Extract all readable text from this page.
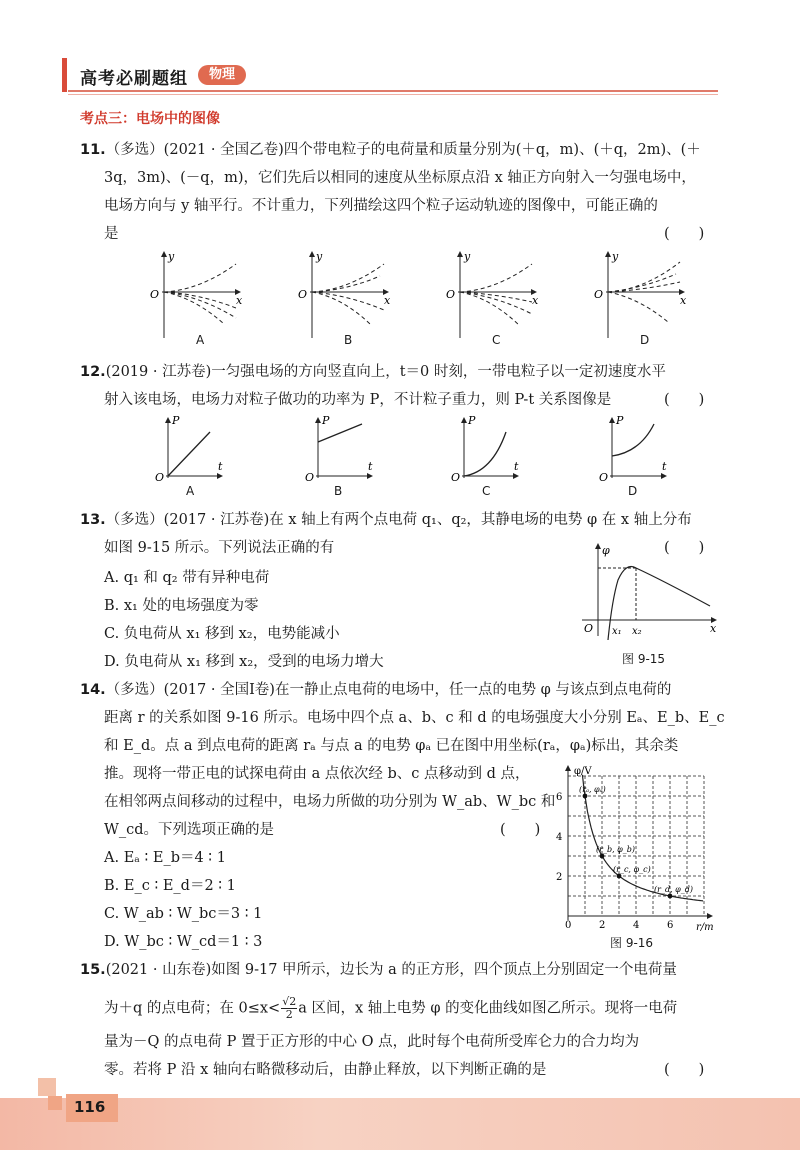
高考必刷题组	物理
考点三：电场中的图像
11.（多选）(2021 · 全国乙卷)四个带电粒子的电荷量和质量分别为(＋q，m)、(＋q，2m)、(＋
3q，3m)、(－q，m)，它们先后以相同的速度从坐标原点沿 x 轴正方向射入一匀强电场中，
电场方向与 y 轴平行。不计重力，下列描绘这四个粒子运动轨迹的图像中，可能正确的
是	(　　)
y
x
O
y
x
O
y
x
O
y
x
O
A	B	C	D
12.(2019 · 江苏卷)一匀强电场的方向竖直向上，t＝0 时刻，一带电粒子以一定初速度水平
射入该电场，电场力对粒子做功的功率为 P，不计粒子重力，则 P-t 关系图像是	(　　)
P
t
O
P
t
O
P
t
O
P
t
O
A	B	C	D
13.（多选）(2017 · 江苏卷)在 x 轴上有两个点电荷 q₁、q₂，其静电场的电势 φ 在 x 轴上分布
如图 9-15 所示。下列说法正确的有	(　　)
A. q₁ 和 q₂ 带有异种电荷
B. x₁ 处的电场强度为零
C. 负电荷从 x₁ 移到 x₂，电势能减小
D. 负电荷从 x₁ 移到 x₂，受到的电场力增大
φ
x
O x₁ x₂
图 9-15
14.（多选）(2017 · 全国Ⅰ卷)在一静止点电荷的电场中，任一点的电势 φ 与该点到点电荷的
距离 r 的关系如图 9-16 所示。电场中四个点 a、b、c 和 d 的电场强度大小分别 Eₐ、E_b、E_c
和 E_d。点 a 到点电荷的距离 rₐ 与点 a 的电势 φₐ 已在图中用坐标(rₐ，φₐ)标出，其余类
推。现将一带正电的试探电荷由 a 点依次经 b、c 点移动到 d 点，
在相邻两点间移动的过程中，电场力所做的功分别为 W_ab、W_bc 和
W_cd。下列选项正确的是	(　　)
A. Eₐ ∶ E_b＝4 ∶ 1
B. E_c ∶ E_d＝2 ∶ 1
C. W_ab ∶ W_bc＝3 ∶ 1
D. W_bc ∶ W_cd＝1 ∶ 3
φ/V
r/m
0	2	4	6
2
4
6
(rₐ, φₐ)
(r_b, φ_b)
(r_c, φ_c)
(r_d, φ_d)
图 9-16
15.(2021 · 山东卷)如图 9-17 甲所示，边长为 a 的正方形，四个顶点上分别固定一个电荷量
为＋q 的点电荷；在 $0\le x< \frac{√2}{2}$ a 区间，x 轴上电势 φ 的变化曲线如图乙所示。现将一电荷
量为－Q 的点电荷 P 置于正方形的中心 O 点，此时每个电荷所受库仑力的合力均为
零。若将 P 沿 x 轴向右略微移动后，由静止释放，以下判断正确的是	(　　)
116
